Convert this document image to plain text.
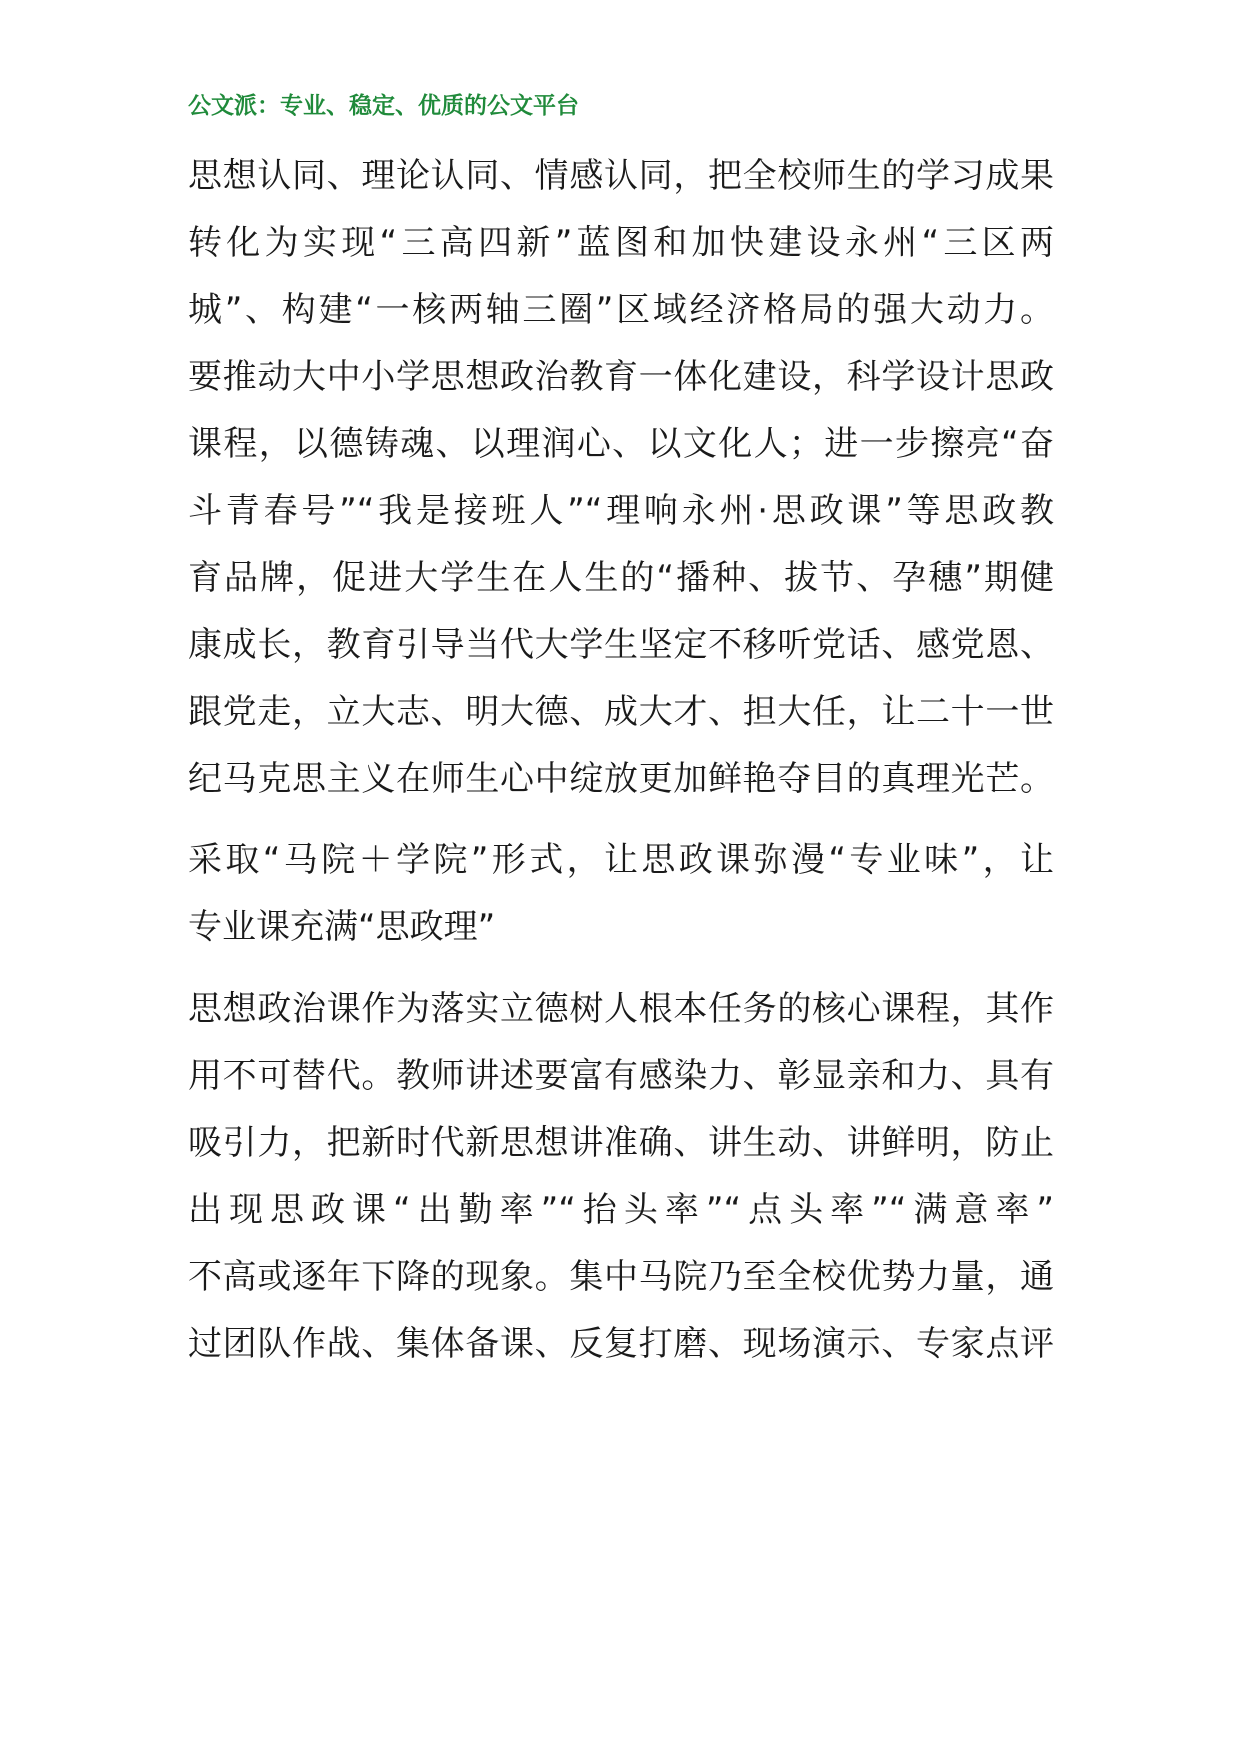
公文派：专业、稳定、优质的公文平台
思想认同、理论认同、情感认同，把全校师生的学习成果
转化为实现“三高四新”蓝图和加快建设永州“三区两
城”、构建“一核两轴三圈”区域经济格局的强大动力。
要推动大中小学思想政治教育一体化建设，科学设计思政
课程，以德铸魂、以理润心、以文化人；进一步擦亮“奋
斗青春号”“我是接班人”“理响永州·思政课”等思政教
育品牌，促进大学生在人生的“播种、拔节、孕穗”期健
康成长，教育引导当代大学生坚定不移听党话、感党恩、
跟党走，立大志、明大德、成大才、担大任，让二十一世
纪马克思主义在师生心中绽放更加鲜艳夺目的真理光芒。
采取“马院＋学院”形式，让思政课弥漫“专业味”，让
专业课充满“思政理”
思想政治课作为落实立德树人根本任务的核心课程，其作
用不可替代。教师讲述要富有感染力、彰显亲和力、具有
吸引力，把新时代新思想讲准确、讲生动、讲鲜明，防止
出现思政课“出勤率”“抬头率”“点头率”“满意率”
不高或逐年下降的现象。集中马院乃至全校优势力量，通
过团队作战、集体备课、反复打磨、现场演示、专家点评
